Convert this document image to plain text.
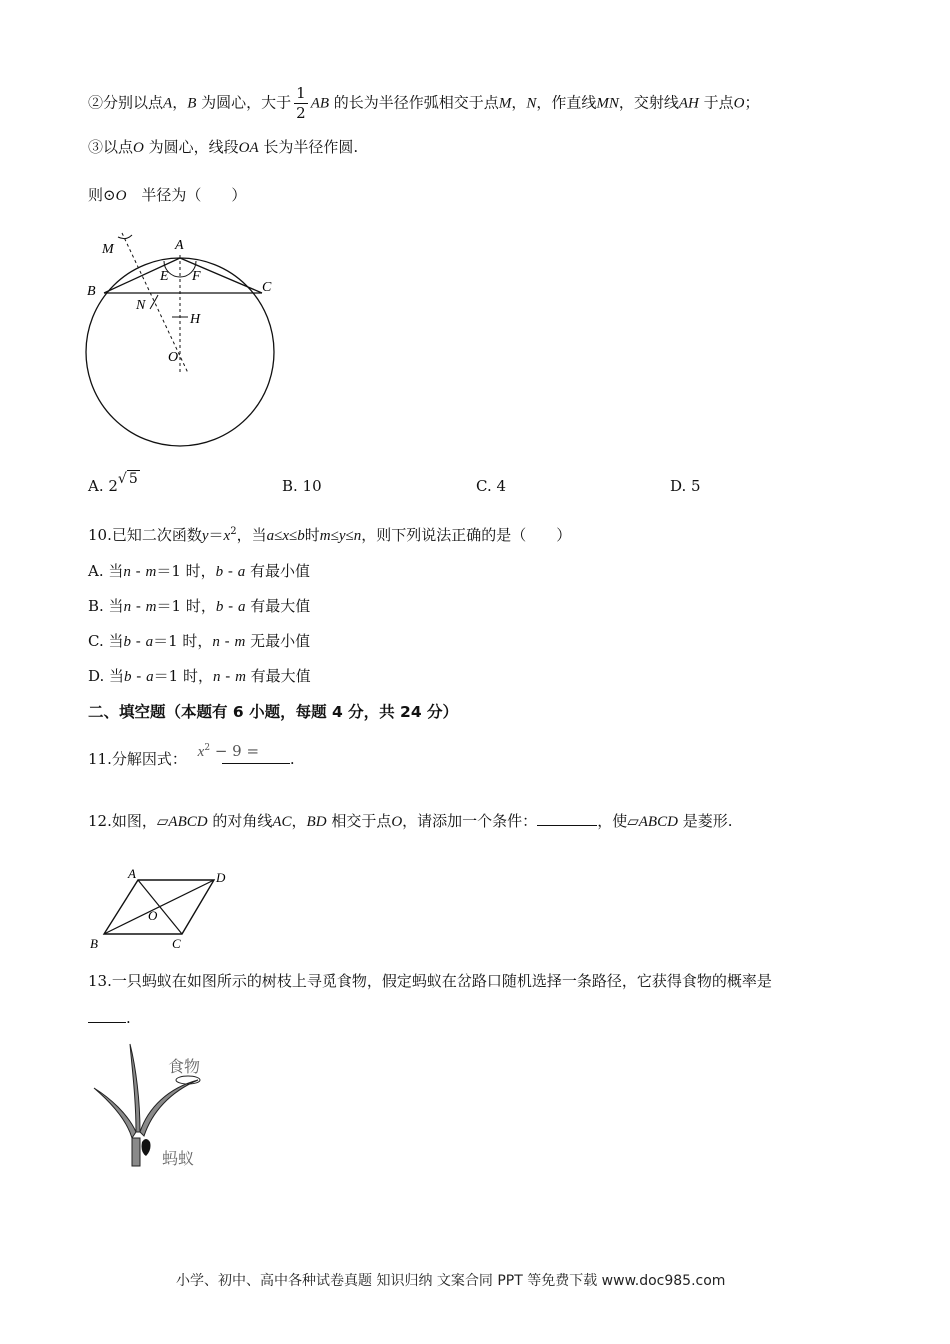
②分别以点A，B 为圆心，大于 $\frac{1}{2}$ AB 的长为半径作弧相交于点M，N，作直线MN，交射线AH 于点O；
③以点O 为圆心，线段OA 长为半径作圆.
则⊙O　半径为（　　）
M	A
E F
B	C
N
H
O
A. 2√ 5	B. 10	C. 4	D. 5
10.已知二次函数$y=x^2$，当a≤x≤b时m≤y≤n，则下列说法正确的是（　　）
A. 当n - m＝1 时，b - a 有最小值
B. 当n - m＝1 时，b - a 有最大值
C. 当b - a＝1 时，n - m 无最小值
D. 当b - a＝1 时，n - m 有最大值
二、填空题（本题有 6 小题，每题 4 分，共 24 分）
11.分解因式： $x^2 - 9$ = .
12.如图，▱ABCD 的对角线AC，BD 相交于点O，请添加一个条件：	，使▱ABCD 是菱形.
A	D
O
B	C
13.一只蚂蚁在如图所示的树枝上寻觅食物，假定蚂蚁在岔路口随机选择一条路径，它获得食物的概率是
.
食物
蚂蚁
小学、初中、高中各种试卷真题 知识归纳 文案合同 PPT 等免费下载 www.doc985.com
